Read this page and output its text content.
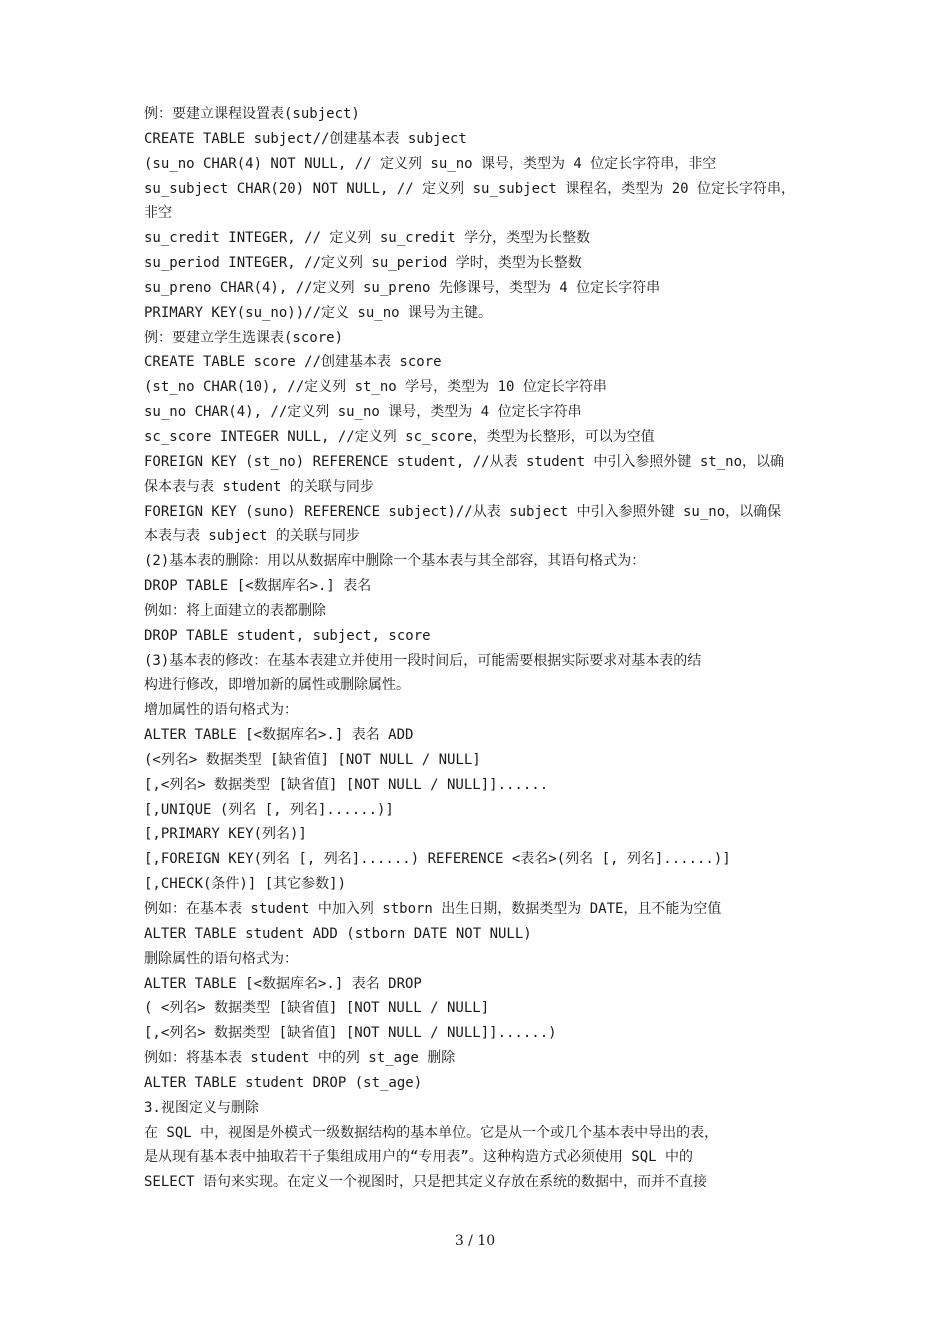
例：要建立课程设置表(subject)
CREATE TABLE subject//创建基本表 subject
(su_no CHAR(4) NOT NULL, // 定义列 su_no 课号，类型为 4 位定长字符串，非空
su_subject CHAR(20) NOT NULL, // 定义列 su_subject 课程名，类型为 20 位定长字符串，
非空
su_credit INTEGER, // 定义列 su_credit 学分，类型为长整数
su_period INTEGER, //定义列 su_period 学时，类型为长整数
su_preno CHAR(4), //定义列 su_preno 先修课号，类型为 4 位定长字符串
PRIMARY KEY(su_no))//定义 su_no 课号为主键。
例：要建立学生选课表(score)
CREATE TABLE score //创建基本表 score
(st_no CHAR(10), //定义列 st_no 学号，类型为 10 位定长字符串
su_no CHAR(4), //定义列 su_no 课号，类型为 4 位定长字符串
sc_score INTEGER NULL, //定义列 sc_score，类型为长整形，可以为空值
FOREIGN KEY (st_no) REFERENCE student, //从表 student 中引入参照外键 st_no，以确
保本表与表 student 的关联与同步
FOREIGN KEY (suno) REFERENCE subject)//从表 subject 中引入参照外键 su_no，以确保
本表与表 subject 的关联与同步
(2)基本表的删除：用以从数据库中删除一个基本表与其全部容，其语句格式为：
DROP TABLE [<数据库名>.] 表名
例如：将上面建立的表都删除
DROP TABLE student, subject, score
(3)基本表的修改：在基本表建立并使用一段时间后，可能需要根据实际要求对基本表的结
构进行修改，即增加新的属性或删除属性。
增加属性的语句格式为：
ALTER TABLE [<数据库名>.] 表名 ADD
(<列名> 数据类型 [缺省值] [NOT NULL / NULL]
[,<列名> 数据类型 [缺省值] [NOT NULL / NULL]]......
[,UNIQUE (列名 [, 列名]......)]
[,PRIMARY KEY(列名)]
[,FOREIGN KEY(列名 [, 列名]......) REFERENCE <表名>(列名 [, 列名]......)]
[,CHECK(条件)] [其它参数])
例如：在基本表 student 中加入列 stborn 出生日期，数据类型为 DATE，且不能为空值
ALTER TABLE student ADD (stborn DATE NOT NULL)
删除属性的语句格式为：
ALTER TABLE [<数据库名>.] 表名 DROP
( <列名> 数据类型 [缺省值] [NOT NULL / NULL]
[,<列名> 数据类型 [缺省值] [NOT NULL / NULL]]......)
例如：将基本表 student 中的列 st_age 删除
ALTER TABLE student DROP (st_age)
3.视图定义与删除
在 SQL 中，视图是外模式一级数据结构的基本单位。它是从一个或几个基本表中导出的表，
是从现有基本表中抽取若干子集组成用户的“专用表”。这种构造方式必须使用 SQL 中的
SELECT 语句来实现。在定义一个视图时，只是把其定义存放在系统的数据中，而并不直接
3 / 10
